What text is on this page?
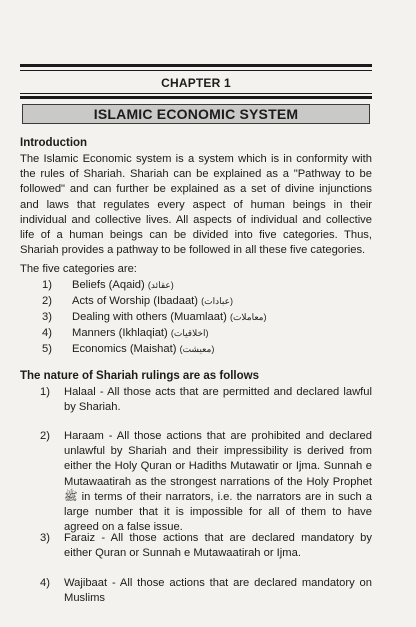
CHAPTER 1
ISLAMIC ECONOMIC SYSTEM
Introduction
The Islamic Economic system is a system which is in conformity with the rules of Shariah. Shariah can be explained as a "Pathway to be followed" and can further be explained as a set of divine injunctions and laws that regulates every aspect of human beings in their individual and collective lives. All aspects of individual and collective life of a human beings can be divided into five categories. Thus, Shariah provides a pathway to be followed in all these five categories.
The five categories are:
1) Beliefs (Aqaid) (عقائد)
2) Acts of Worship (Ibadaat) (عبادات)
3) Dealing with others (Muamlaat) (معاملات)
4) Manners (Ikhlaqiat) (اخلاقیات)
5) Economics (Maishat) (معیشت)
The nature of Shariah rulings are as follows
1) Halaal - All those acts that are permitted and declared lawful by Shariah.
2) Haraam - All those actions that are prohibited and declared unlawful by Shariah and their impressibility is derived from either the Holy Quran or Hadiths Mutawatir or Ijma. Sunnah e Mutawaatirah as the strongest narrations of the Holy Prophet ﷺ in terms of their narrators, i.e. the narrators are in such a large number that it is impossible for all of them to have agreed on a false issue.
3) Faraiz - All those actions that are declared mandatory by either Quran or Sunnah e Mutawaatirah or Ijma.
4) Wajibaat - All those actions that are declared mandatory on Muslims
